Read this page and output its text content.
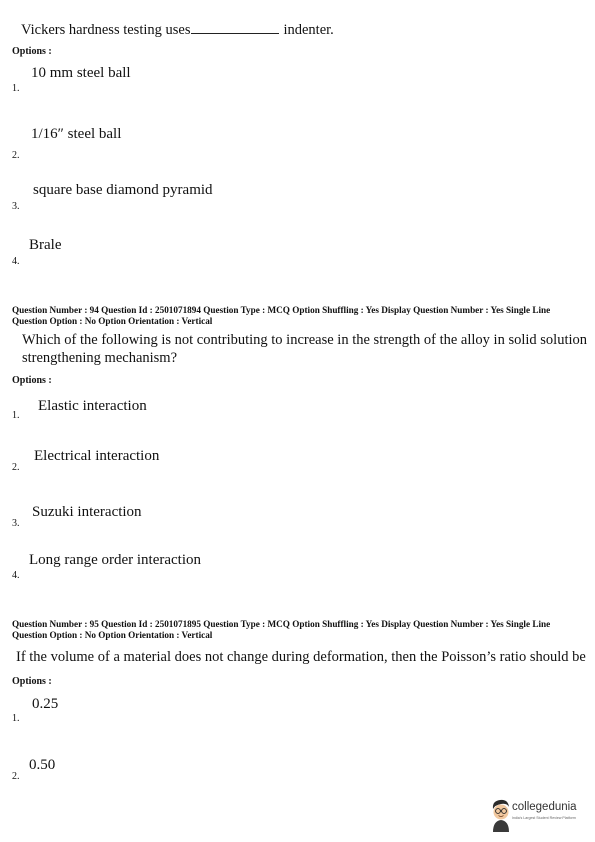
Vickers hardness testing uses	indenter.
Options :
10 mm steel ball
1.
1/16″ steel ball
2.
square base diamond pyramid
3.
Brale
4.
Question Number : 94 Question Id : 2501071894 Question Type : MCQ Option Shuffling : Yes Display Question Number : Yes Single Line Question Option : No Option Orientation : Vertical
Which of the following is not contributing to increase in the strength of the alloy in solid solution
strengthening mechanism?
Options :
Elastic interaction
1.
Electrical interaction
2.
Suzuki interaction
3.
Long range order interaction
4.
Question Number : 95 Question Id : 2501071895 Question Type : MCQ Option Shuffling : Yes Display Question Number : Yes Single Line Question Option : No Option Orientation : Vertical
If the volume of a material does not change during deformation, then the Poisson’s ratio should be
Options :
0.25
1.
0.50
2.
collegedunia
India's Largest Student Review Platform
